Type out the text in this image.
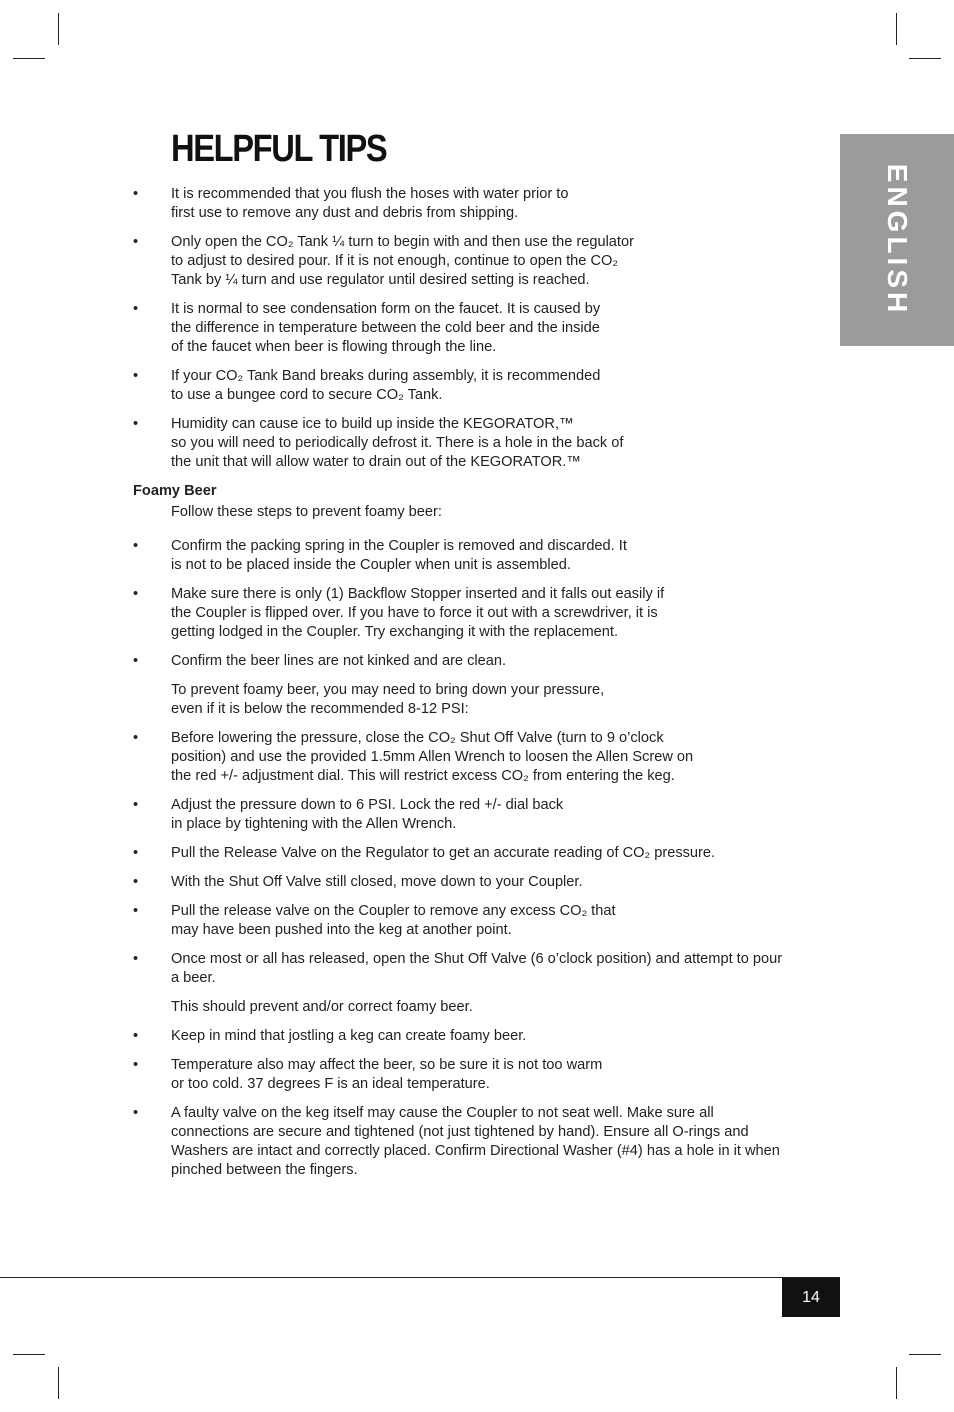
ENGLISH
HELPFUL TIPS
• It is recommended that you flush the hoses with water prior to

first use to remove any dust and debris from shipping.

• Only open the CO₂ Tank ¼ turn to begin with and then use the regulator

to adjust to desired pour. If it is not enough, continue to open the CO₂

Tank by ¼ turn and use regulator until desired setting is reached.

• It is normal to see condensation form on the faucet. It is caused by

the difference in temperature between the cold beer and the inside

of the faucet when beer is flowing through the line.

• If your CO₂ Tank Band breaks during assembly, it is recommended

to use a bungee cord to secure CO₂ Tank.

• Humidity can cause ice to build up inside the KEGORATOR,™

so you will need to periodically defrost it. There is a hole in the back of

the unit that will allow water to drain out of the KEGORATOR.™

Foamy Beer

Follow these steps to prevent foamy beer:

• Confirm the packing spring in the Coupler is removed and discarded. It

is not to be placed inside the Coupler when unit is assembled.

• Make sure there is only (1) Backflow Stopper inserted and it falls out easily if

the Coupler is flipped over. If you have to force it out with a screwdriver, it is

getting lodged in the Coupler. Try exchanging it with the replacement.

• Confirm the beer lines are not kinked and are clean.

To prevent foamy beer, you may need to bring down your pressure,

even if it is below the recommended 8-12 PSI:

• Before lowering the pressure, close the CO₂ Shut Off Valve (turn to 9 o’clock

position) and use the provided 1.5mm Allen Wrench to loosen the Allen Screw on

the red +/- adjustment dial. This will restrict excess CO₂ from entering the keg.

• Adjust the pressure down to 6 PSI. Lock the red +/- dial back

in place by tightening with the Allen Wrench.

• Pull the Release Valve on the Regulator to get an accurate reading of CO₂ pressure.

• With the Shut Off Valve still closed, move down to your Coupler.

• Pull the release valve on the Coupler to remove any excess CO₂ that

may have been pushed into the keg at another point.

• Once most or all has released, open the Shut Off Valve (6 o’clock position) and attempt to pour

a beer.

This should prevent and/or correct foamy beer.

• Keep in mind that jostling a keg can create foamy beer.

• Temperature also may affect the beer, so be sure it is not too warm

or too cold. 37 degrees F is an ideal temperature.

• A faulty valve on the keg itself may cause the Coupler to not seat well. Make sure all

connections are secure and tightened (not just tightened by hand). Ensure all O-rings and

Washers are intact and correctly placed. Confirm Directional Washer (#4) has a hole in it when

pinched between the fingers.

14
